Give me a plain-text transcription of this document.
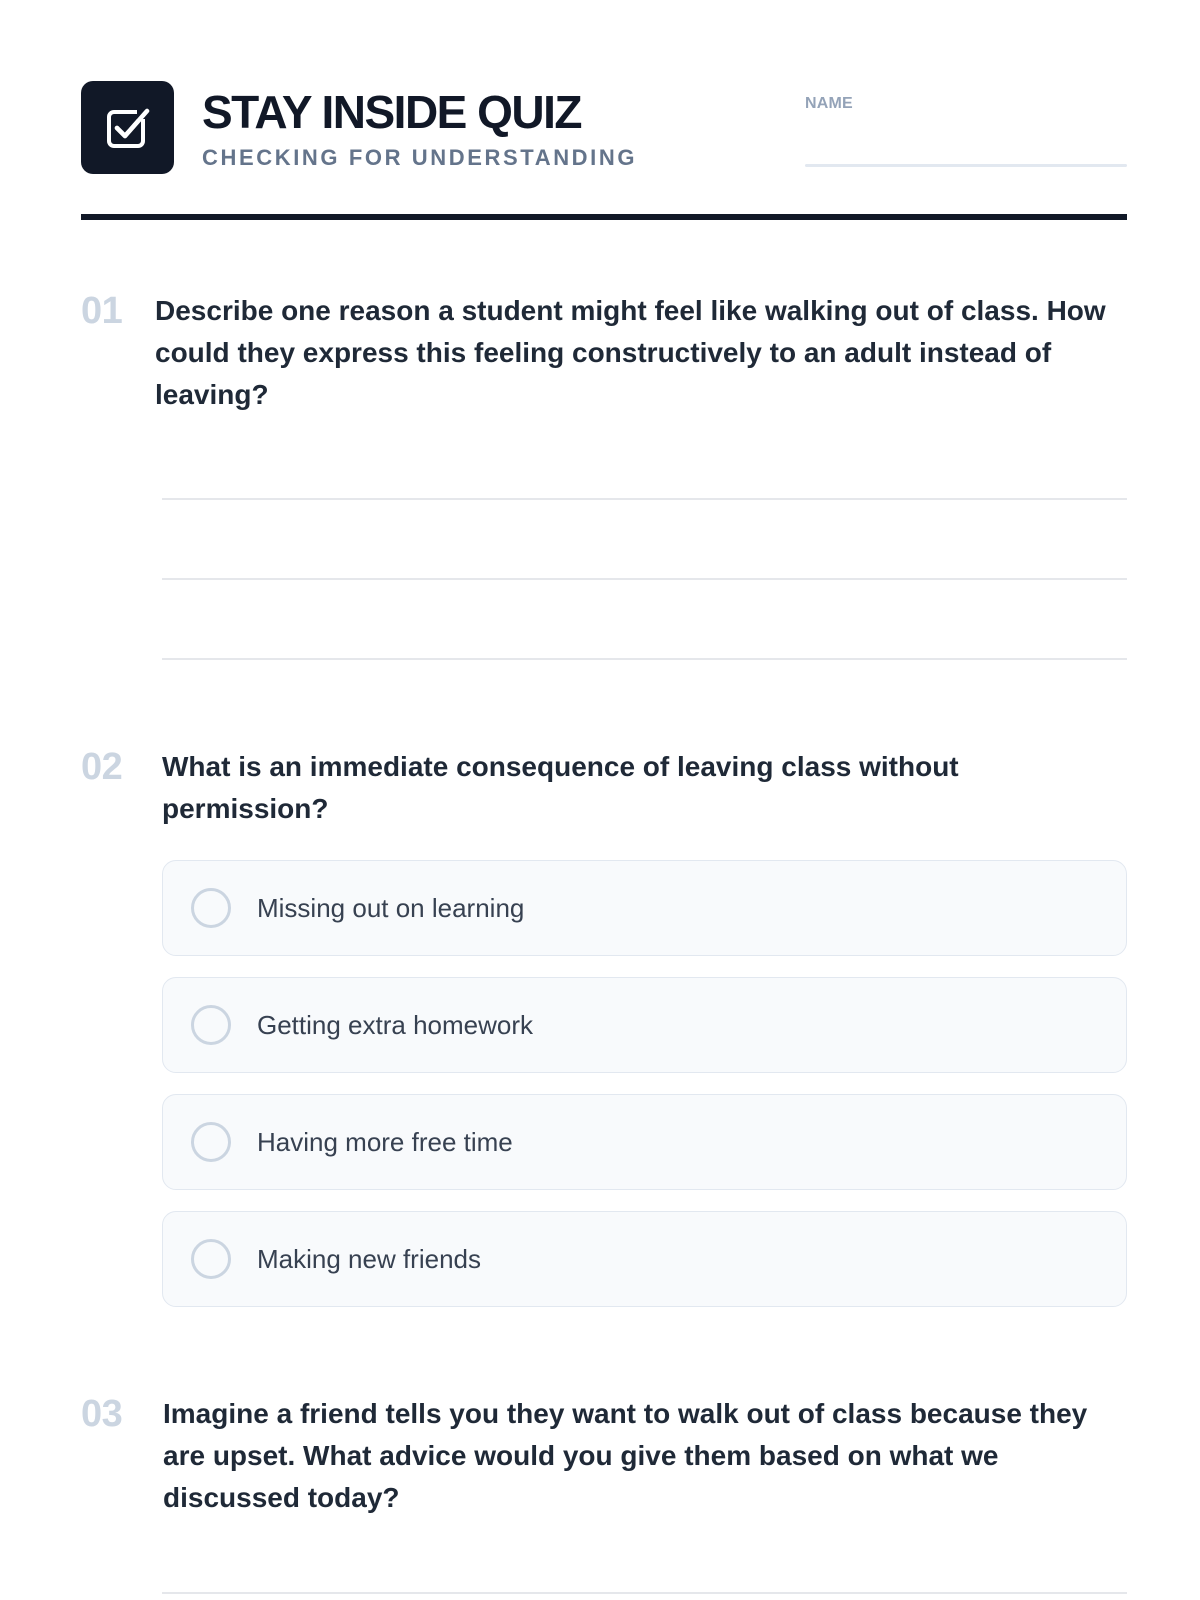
STAY INSIDE QUIZ
CHECKING FOR UNDERSTANDING
NAME
01 Describe one reason a student might feel like walking out of class. How could they express this feeling constructively to an adult instead of leaving?
02 What is an immediate consequence of leaving class without permission?
Missing out on learning
Getting extra homework
Having more free time
Making new friends
03 Imagine a friend tells you they want to walk out of class because they are upset. What advice would you give them based on what we discussed today?
